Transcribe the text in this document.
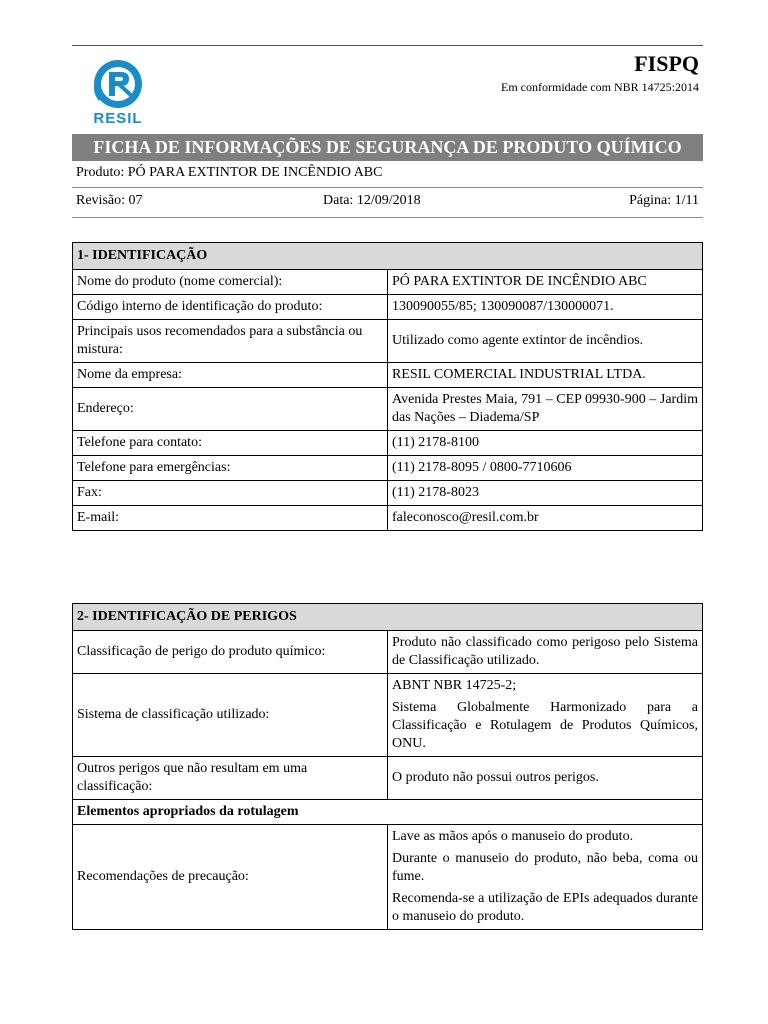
RESIL
FISPQ
Em conformidade com NBR 14725:2014
FICHA DE INFORMAÇÕES DE SEGURANÇA DE PRODUTO QUÍMICO
Produto: PÓ PARA EXTINTOR DE INCÊNDIO ABC
Revisão: 07	Data: 12/09/2018	Página: 1/11
1- IDENTIFICAÇÃO	
Nome do produto (nome comercial):	PÓ PARA EXTINTOR DE INCÊNDIO ABC
Código interno de identificação do produto:	130090055/85; 130090087/130000071.
Principais usos recomendados para a substância ou mistura:	Utilizado como agente extintor de incêndios.
Nome da empresa:	RESIL COMERCIAL INDUSTRIAL LTDA.
Endereço:	Avenida Prestes Maia, 791 – CEP 09930-900 – Jardim das Nações – Diadema/SP
Telefone para contato:	(11) 2178-8100
Telefone para emergências:	(11) 2178-8095 / 0800-7710606
Fax:	(11) 2178-8023
E-mail:	faleconosco@resil.com.br
2- IDENTIFICAÇÃO DE PERIGOS	
Classificação de perigo do produto químico:	Produto não classificado como perigoso pelo Sistema de Classificação utilizado.
Sistema de classificação utilizado:	ABNT NBR 14725-2;
Sistema Globalmente Harmonizado para a Classificação e Rotulagem de Produtos Químicos, ONU.

Outros perigos que não resultam em uma classificação:	O produto não possui outros perigos.
Elementos apropriados da rotulagem	
Recomendações de precaução:	Lave as mãos após o manuseio do produto.
Durante o manuseio do produto, não beba, coma ou fume.
Recomenda-se a utilização de EPIs adequados durante o manuseio do produto.
